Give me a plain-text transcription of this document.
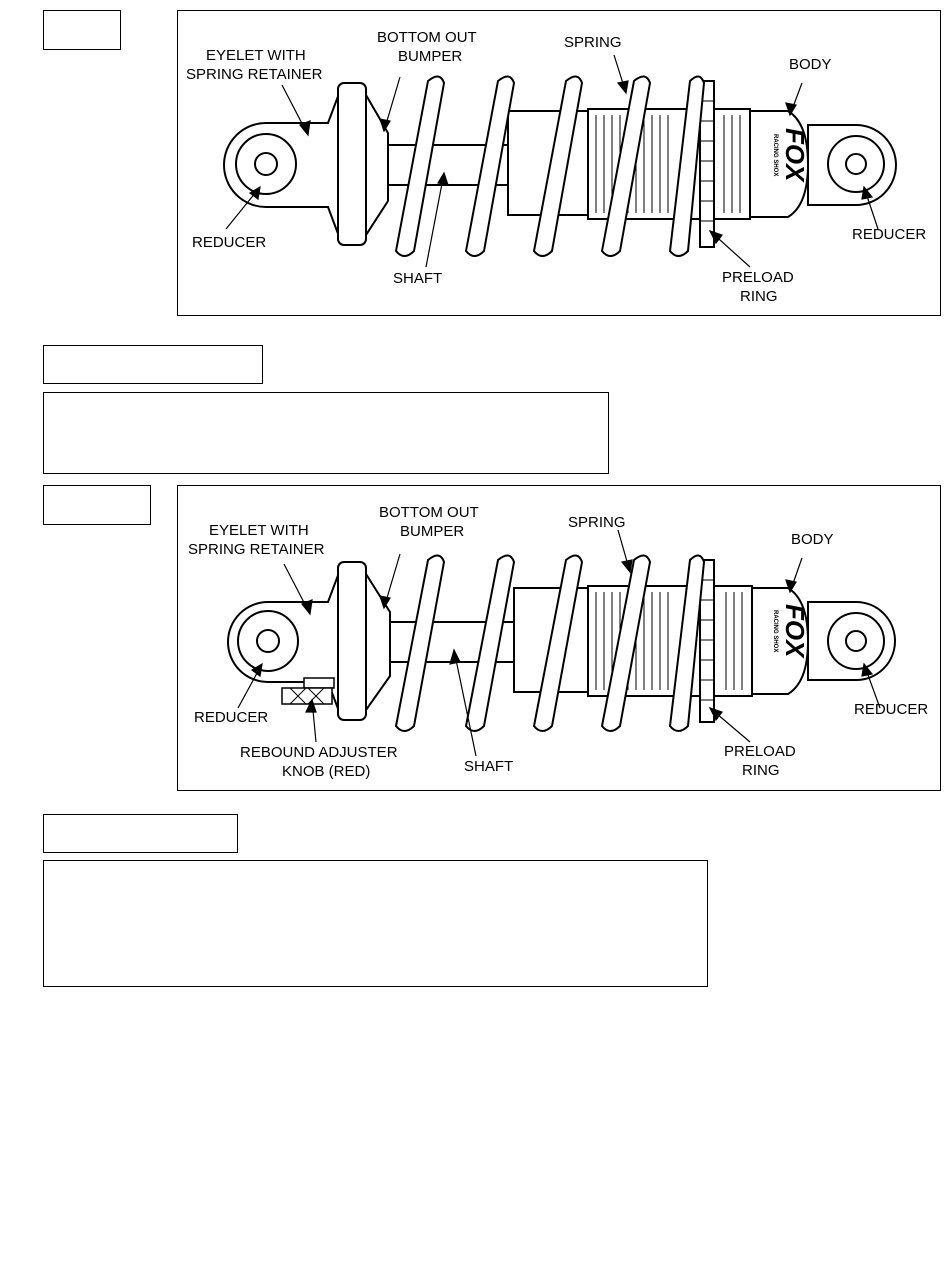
FOX
RACING SHOX
EYELET WITH
SPRING RETAINER
BOTTOM OUT
BUMPER
SPRING
BODY
REDUCER	REDUCER
SHAFT	PRELOAD
RING
FOX
RACING SHOX
EYELET WITH
SPRING RETAINER
BOTTOM OUT
BUMPER
SPRING
BODY
REDUCER	REDUCER
REBOUND ADJUSTER
KNOB (RED)	SHAFT
PRELOAD
RING
